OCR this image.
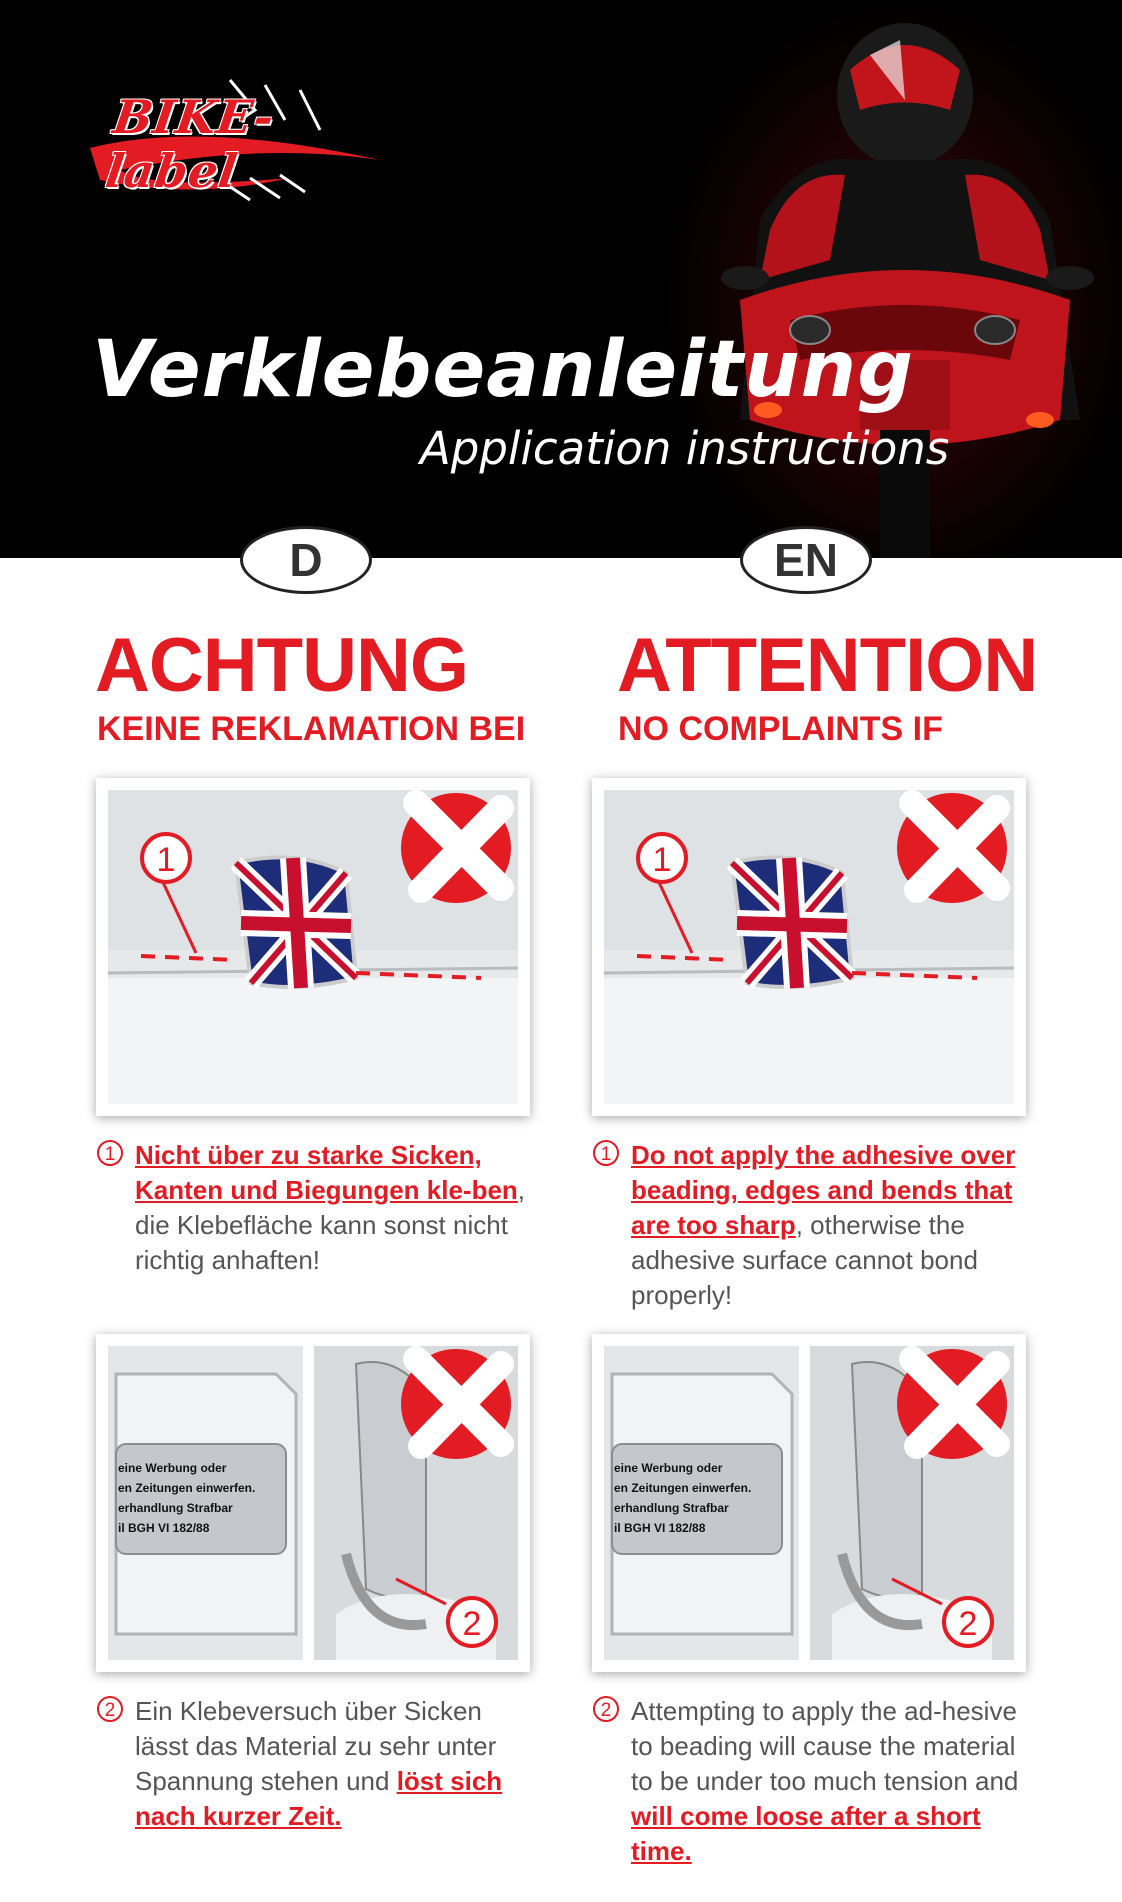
BIKE-label
Verklebeanleitung
Application instructions
D	EN
ACHTUNG
KEINE REKLAMATION BEI
ATTENTION
NO COMPLAINTS IF
1	1
1 Nicht über zu starke Sicken, Kanten und Biegungen kle-ben, die Klebefläche kann sonst nicht richtig anhaften!
1 Do not apply the adhesive over beading, edges and bends that are too sharp, otherwise the adhesive surface cannot bond properly!
eine Werbung oder en Zeitungen einwerfen. erhandlung Strafbar il BGH VI 182/88
2
eine Werbung oder en Zeitungen einwerfen. erhandlung Strafbar il BGH VI 182/88
2
2 Ein Klebeversuch über Sicken lässt das Material zu sehr unter Spannung stehen und löst sich nach kurzer Zeit.
2 Attempting to apply the ad-hesive to beading will cause the material to be under too much tension and will come loose after a short time.
